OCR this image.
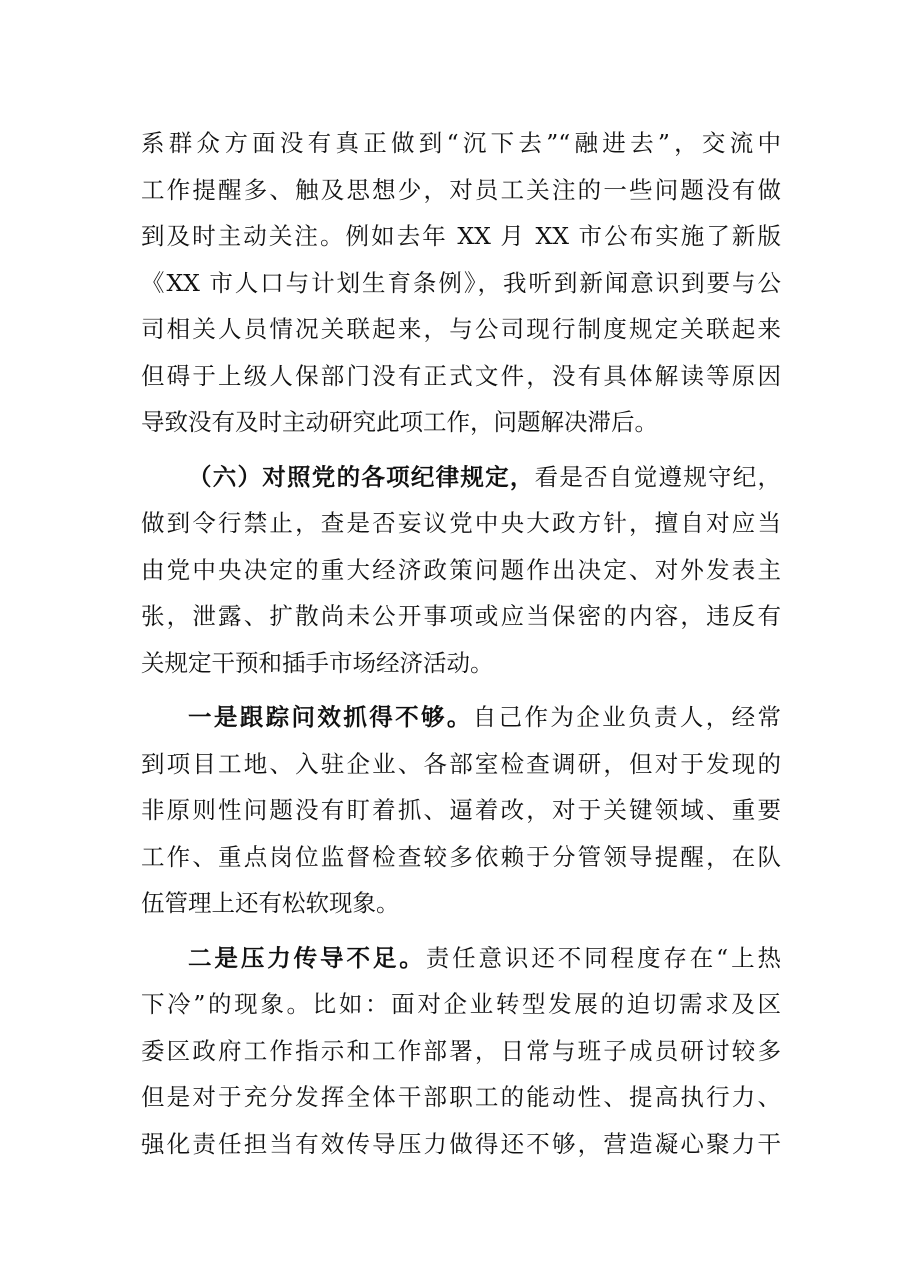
系群众方面没有真正做到“沉下去”“融进去”，交流中
工作提醒多、触及思想少，对员工关注的一些问题没有做
到及时主动关注。例如去年 XX 月 XX 市公布实施了新版
《XX 市人口与计划生育条例》，我听到新闻意识到要与公
司相关人员情况关联起来，与公司现行制度规定关联起来
但碍于上级人保部门没有正式文件，没有具体解读等原因
导致没有及时主动研究此项工作，问题解决滞后。
（六）对照党的各项纪律规定，看是否自觉遵规守纪，
做到令行禁止，查是否妄议党中央大政方针，擅自对应当
由党中央决定的重大经济政策问题作出决定、对外发表主
张，泄露、扩散尚未公开事项或应当保密的内容，违反有
关规定干预和插手市场经济活动。
一是跟踪问效抓得不够。自己作为企业负责人，经常
到项目工地、入驻企业、各部室检查调研，但对于发现的
非原则性问题没有盯着抓、逼着改，对于关键领域、重要
工作、重点岗位监督检查较多依赖于分管领导提醒，在队
伍管理上还有松软现象。
二是压力传导不足。责任意识还不同程度存在“上热
下冷”的现象。比如：面对企业转型发展的迫切需求及区
委区政府工作指示和工作部署，日常与班子成员研讨较多
但是对于充分发挥全体干部职工的能动性、提高执行力、
强化责任担当有效传导压力做得还不够，营造凝心聚力干
